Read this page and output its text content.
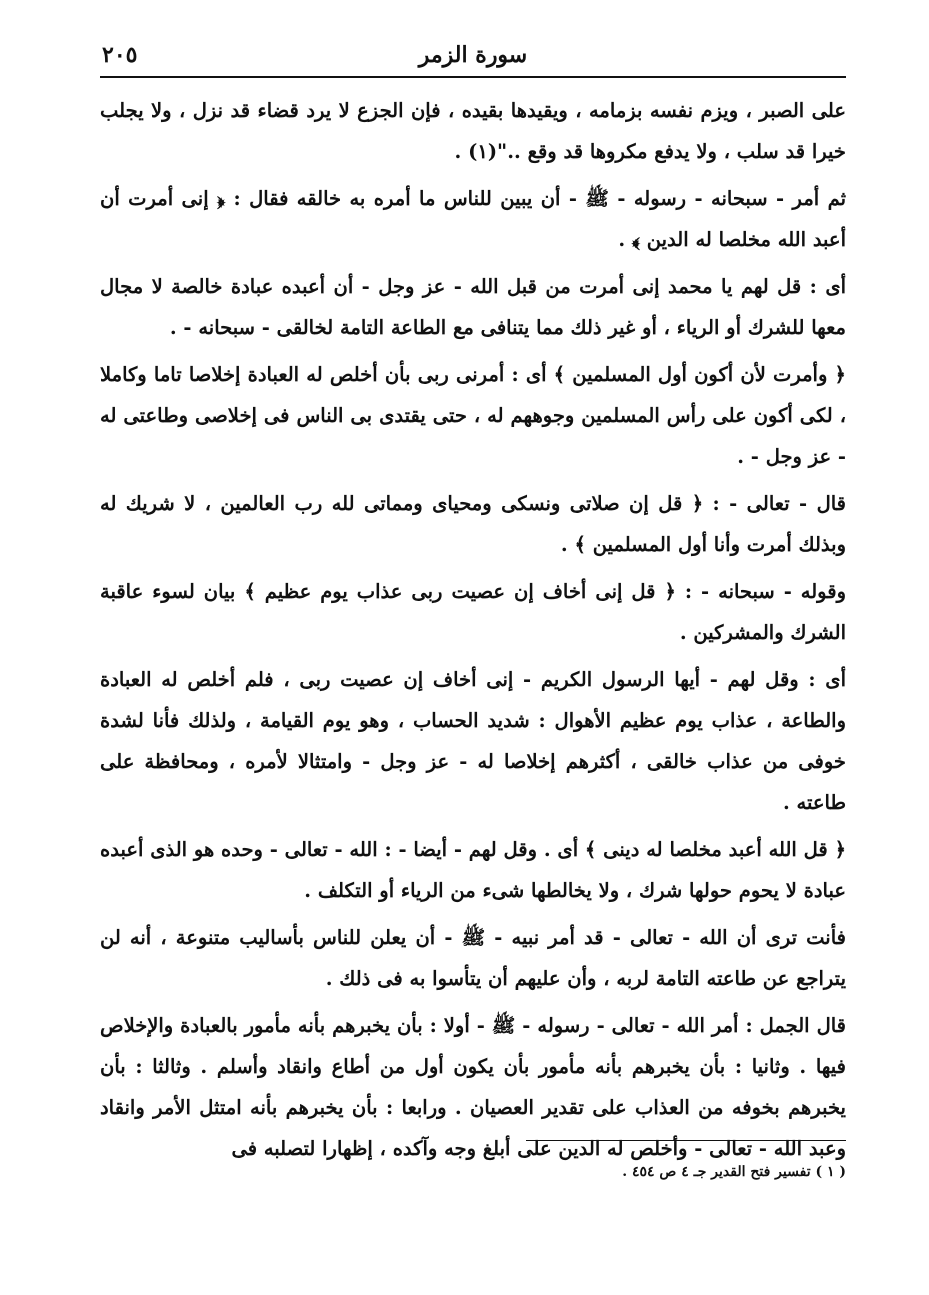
سورة الزمر
٢٠٥

على الصبر ، ويزم نفسه بزمامه ، ويقيدها بقيده ، فإن الجزع لا يرد قضاء قد نزل ، ولا يجلب خيرا قد سلب ، ولا يدفع مكروها قد وقع .."(١) .

ثم أمر - سبحانه - رسوله - ﷺ - أن يبين للناس ما أمره به خالقه فقال : ﴿ إنى أمرت أن أعبد الله مخلصا له الدين ﴾ .

أى : قل لهم يا محمد إنى أمرت من قبل الله - عز وجل - أن أعبده عبادة خالصة لا مجال معها للشرك أو الرياء ، أو غير ذلك مما يتنافى مع الطاعة التامة لخالقى - سبحانه - .

﴿ وأمرت لأن أكون أول المسلمين ﴾ أى : أمرنى ربى بأن أخلص له العبادة إخلاصا تاما وكاملا ، لكى أكون على رأس المسلمين وجوههم له ، حتى يقتدى بى الناس فى إخلاصى وطاعتى له - عز وجل - .

قال - تعالى - : ﴿ قل إن صلاتى ونسكى ومحياى ومماتى لله رب العالمين ، لا شريك له وبذلك أمرت وأنا أول المسلمين ﴾ .

وقوله - سبحانه - : ﴿ قل إنى أخاف إن عصيت ربى عذاب يوم عظيم ﴾ بيان لسوء عاقبة الشرك والمشركين .

أى : وقل لهم - أيها الرسول الكريم - إنى أخاف إن عصيت ربى ، فلم أخلص له العبادة والطاعة ، عذاب يوم عظيم الأهوال : شديد الحساب ، وهو يوم القيامة ، ولذلك فأنا لشدة خوفى من عذاب خالقى ، أكثرهم إخلاصا له - عز وجل - وامتثالا لأمره ، ومحافظة على طاعته .

﴿ قل الله أعبد مخلصا له دينى ﴾ أى . وقل لهم - أيضا - : الله - تعالى - وحده هو الذى أعبده عبادة لا يحوم حولها شرك ، ولا يخالطها شىء من الرياء أو التكلف .

فأنت ترى أن الله - تعالى - قد أمر نبيه - ﷺ - أن يعلن للناس بأساليب متنوعة ، أنه لن يتراجع عن طاعته التامة لربه ، وأن عليهم أن يتأسوا به فى ذلك .

قال الجمل : أمر الله - تعالى - رسوله - ﷺ - أولا : بأن يخبرهم بأنه مأمور بالعبادة والإخلاص فيها . وثانيا : بأن يخبرهم بأنه مأمور بأن يكون أول من أطاع وانقاد وأسلم . وثالثا : بأن يخبرهم بخوفه من العذاب على تقدير العصيان . ورابعا : بأن يخبرهم بأنه امتثل الأمر وانقاد وعبد الله - تعالى - وأخلص له الدين على أبلغ وجه وآكده ، إظهارا لتصلبه فى

( ١ ) تفسير فتح القدير جـ ٤ ص ٤٥٤ .
